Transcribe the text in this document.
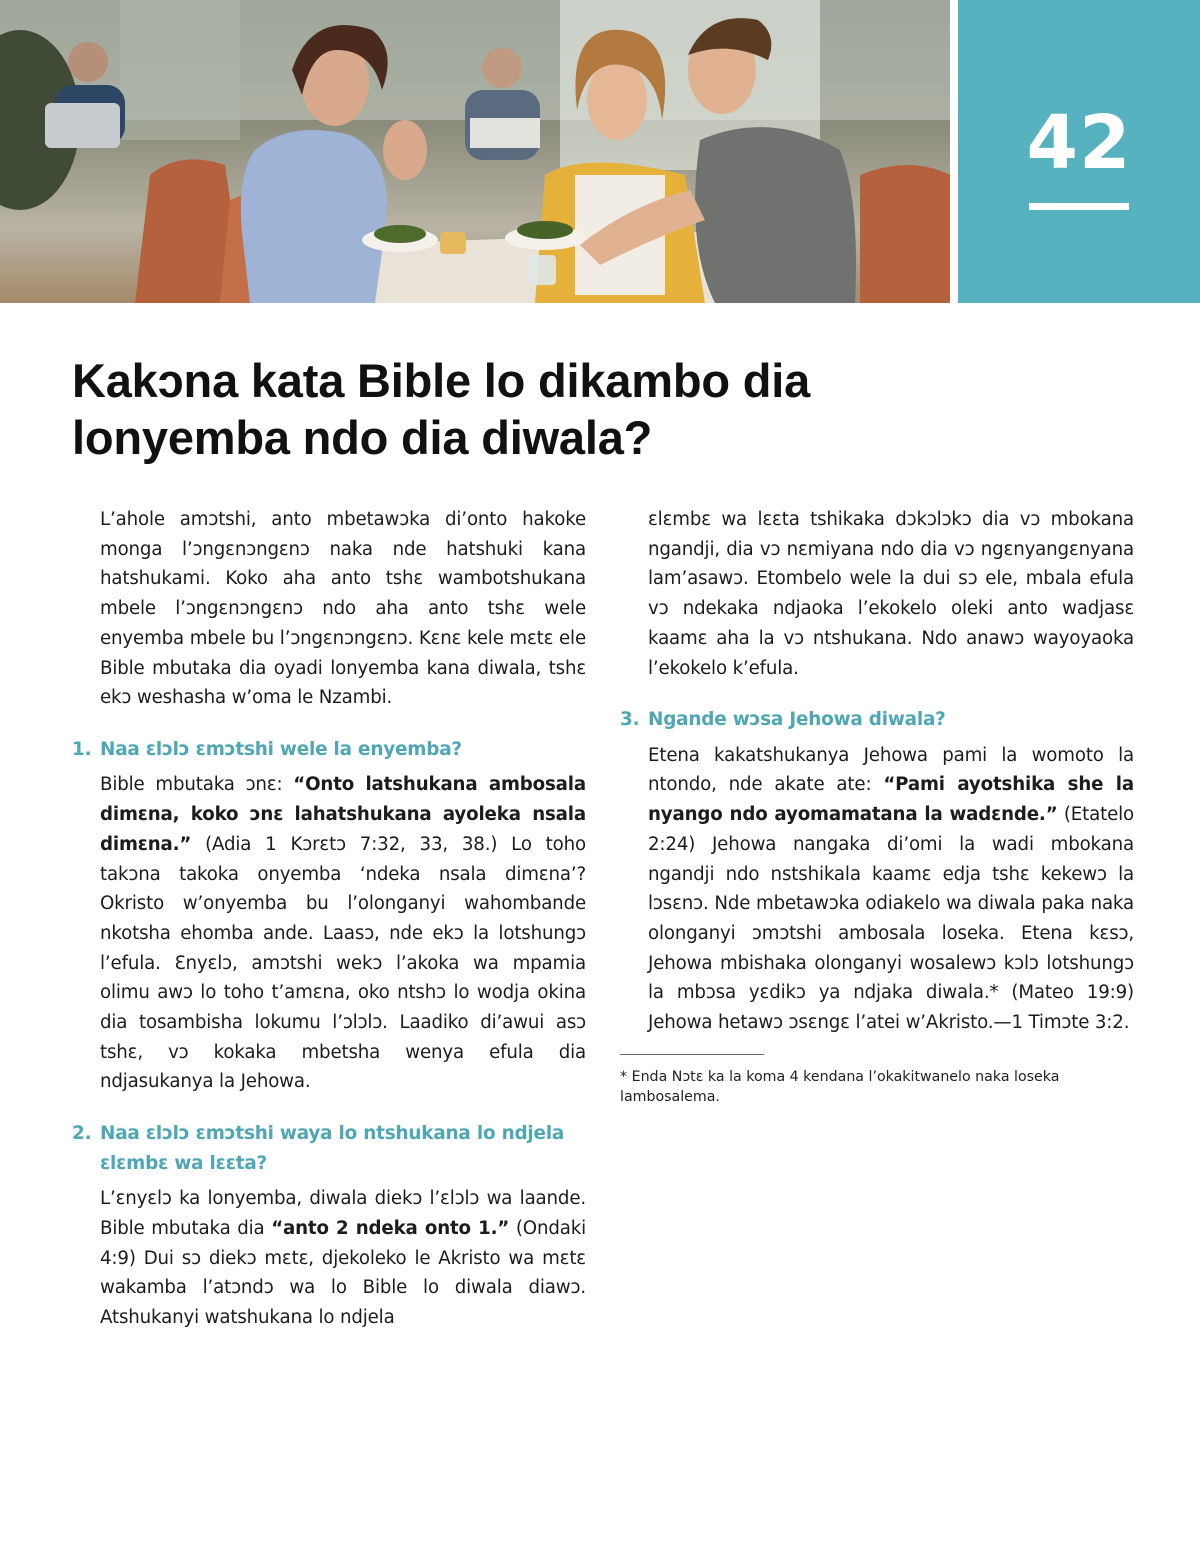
42
Kakɔna kata Bible lo dikambo dia
lonyemba ndo dia diwala?

L’ahole amɔtshi, anto mbetawɔka di’onto hakoke monga l’ɔngɛnɔngɛnɔ naka nde hatshuki kana hatshukami. Koko aha anto tshɛ wambotshukana mbele l’ɔngɛnɔngɛnɔ ndo aha anto tshɛ wele enyemba mbele bu l’ɔngɛnɔngɛnɔ. Kɛnɛ kele mɛtɛ ele Bible mbutaka dia oyadi lonyemba kana diwala, tshɛ ekɔ weshasha w’oma le Nzambi.

1. Naa ɛlɔlɔ ɛmɔtshi wele la enyemba?

Bible mbutaka ɔnɛ: “Onto latshukana ambosala dimɛna, koko ɔnɛ lahatshukana ayoleka nsala dimɛna.” (Adia 1 Kɔrɛtɔ 7:32, 33, 38.) Lo toho takɔna takoka onyemba ‘ndeka nsala dimɛna’? Okristo w’onyemba bu l’olonganyi wahombande nkotsha ehomba ande. Laasɔ, nde ekɔ la lotshungɔ l’efula. Ɛnyɛlɔ, amɔtshi wekɔ l’akoka wa mpamia olimu awɔ lo toho t’amɛna, oko ntshɔ lo wodja okina dia tosambisha lokumu l’ɔlɔlɔ. Laadiko di’awui asɔ tshɛ, vɔ kokaka mbetsha wenya efula dia ndjasukanya la Jehowa.

2. Naa ɛlɔlɔ ɛmɔtshi waya lo ntshukana lo ndjela ɛlɛmbɛ wa lɛɛta?

L’ɛnyɛlɔ ka lonyemba, diwala diekɔ l’ɛlɔlɔ wa laande. Bible mbutaka dia “anto 2 ndeka onto 1.” (Ondaki 4:9) Dui sɔ diekɔ mɛtɛ, djekoleko le Akristo wa mɛtɛ wakamba l’atɔndɔ wa lo Bible lo diwala diawɔ. Atshukanyi watshukana lo ndjela

ɛlɛmbɛ wa lɛɛta tshikaka dɔkɔlɔkɔ dia vɔ mbokana ngandji, dia vɔ nɛmiyana ndo dia vɔ ngɛnyangɛnyana lam’asawɔ. Etombelo wele la dui sɔ ele, mbala efula vɔ ndekaka ndjaoka l’ekokelo oleki anto wadjasɛ kaamɛ aha la vɔ ntshukana. Ndo anawɔ wayoyaoka l’ekokelo k’efula.

3. Ngande wɔsa Jehowa diwala?

Etena kakatshukanya Jehowa pami la womoto la ntondo, nde akate ate: “Pami ayotshika she la nyango ndo ayomamatana la wadɛnde.” (Etatelo 2:24) Jehowa nangaka di’omi la wadi mbokana ngandji ndo nstshikala kaamɛ edja tshɛ kekewɔ la lɔsɛnɔ. Nde mbetawɔka odiakelo wa diwala paka naka olonganyi ɔmɔtshi ambosala loseka. Etena kɛsɔ, Jehowa mbishaka olonganyi wosalewɔ kɔlɔ lotshungɔ la mbɔsa yɛdikɔ ya ndjaka diwala.* (Mateo 19:9) Jehowa hetawɔ ɔsɛngɛ l’atei w’Akristo.—1 Timɔte 3:2.

* Enda Nɔtɛ ka la koma 4 kendana l’okakitwanelo naka loseka lambosalema.
